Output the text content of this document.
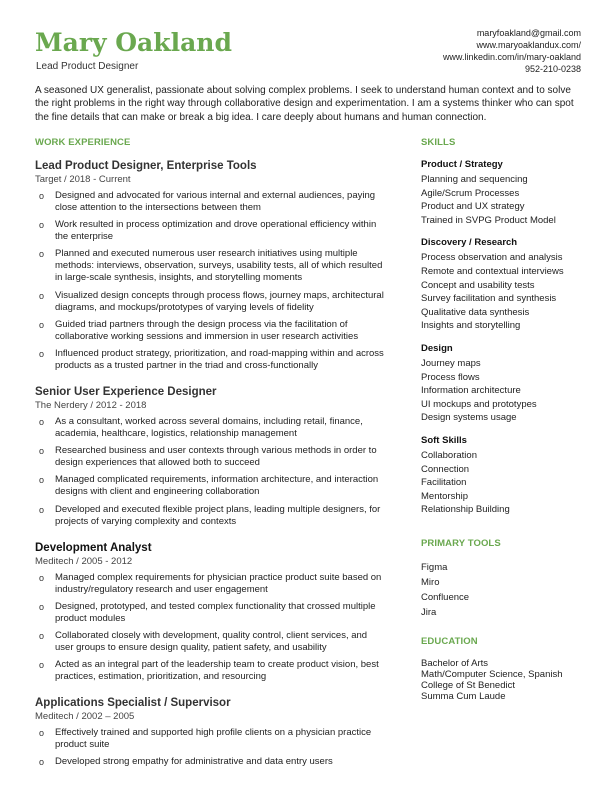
Mary Oakland
Lead Product Designer
maryfoakland@gmail.com
www.maryoaklandux.com/
www.linkedin.com/in/mary-oakland
952-210-0238
A seasoned UX generalist, passionate about solving complex problems. I seek to understand human context and to solve the right problems in the right way through collaborative design and experimentation. I am a systems thinker who can spot the fine details that can make or break a big idea. I care deeply about humans and human connection.
WORK EXPERIENCE
Lead Product Designer, Enterprise Tools
Target / 2018 - Current
o Designed and advocated for various internal and external audiences, paying close attention to the intersections between them
o Work resulted in process optimization and drove operational efficiency within the enterprise
o Planned and executed numerous user research initiatives using multiple methods: interviews, observation, surveys, usability tests, all of which resulted in large-scale synthesis, insights, and storytelling moments
o Visualized design concepts through process flows, journey maps, architectural diagrams, and mockups/prototypes of varying levels of fidelity
o Guided triad partners through the design process via the facilitation of collaborative working sessions and immersion in user research activities
o Influenced product strategy, prioritization, and road-mapping within and across products as a trusted partner in the triad and cross-functionally
Senior User Experience Designer
The Nerdery / 2012 - 2018
o As a consultant, worked across several domains, including retail, finance, academia, healthcare, logistics, relationship management
o Researched business and user contexts through various methods in order to design experiences that allowed both to succeed
o Managed complicated requirements, information architecture, and interaction designs with client and engineering collaboration
o Developed and executed flexible project plans, leading multiple designers, for projects of varying complexity and contexts
Development Analyst
Meditech / 2005 - 2012
o Managed complex requirements for physician practice product suite based on industry/regulatory research and user engagement
o Designed, prototyped, and tested complex functionality that crossed multiple product modules
o Collaborated closely with development, quality control, client services, and user groups to ensure design quality, patient safety, and usability
o Acted as an integral part of the leadership team to create product vision, best practices, estimation, prioritization, and resourcing
Applications Specialist / Supervisor
Meditech / 2002 – 2005
o Effectively trained and supported high profile clients on a physician practice product suite
o Developed strong empathy for administrative and data entry users
SKILLS
Product / Strategy
Planning and sequencing
Agile/Scrum Processes
Product and UX strategy
Trained in SVPG Product Model
Discovery / Research
Process observation and analysis
Remote and contextual interviews
Concept and usability tests
Survey facilitation and synthesis
Qualitative data synthesis
Insights and storytelling
Design
Journey maps
Process flows
Information architecture
UI mockups and prototypes
Design systems usage
Soft Skills
Collaboration
Connection
Facilitation
Mentorship
Relationship Building
PRIMARY TOOLS
Figma
Miro
Confluence
Jira
EDUCATION
Bachelor of Arts
Math/Computer Science, Spanish
College of St Benedict
Summa Cum Laude
